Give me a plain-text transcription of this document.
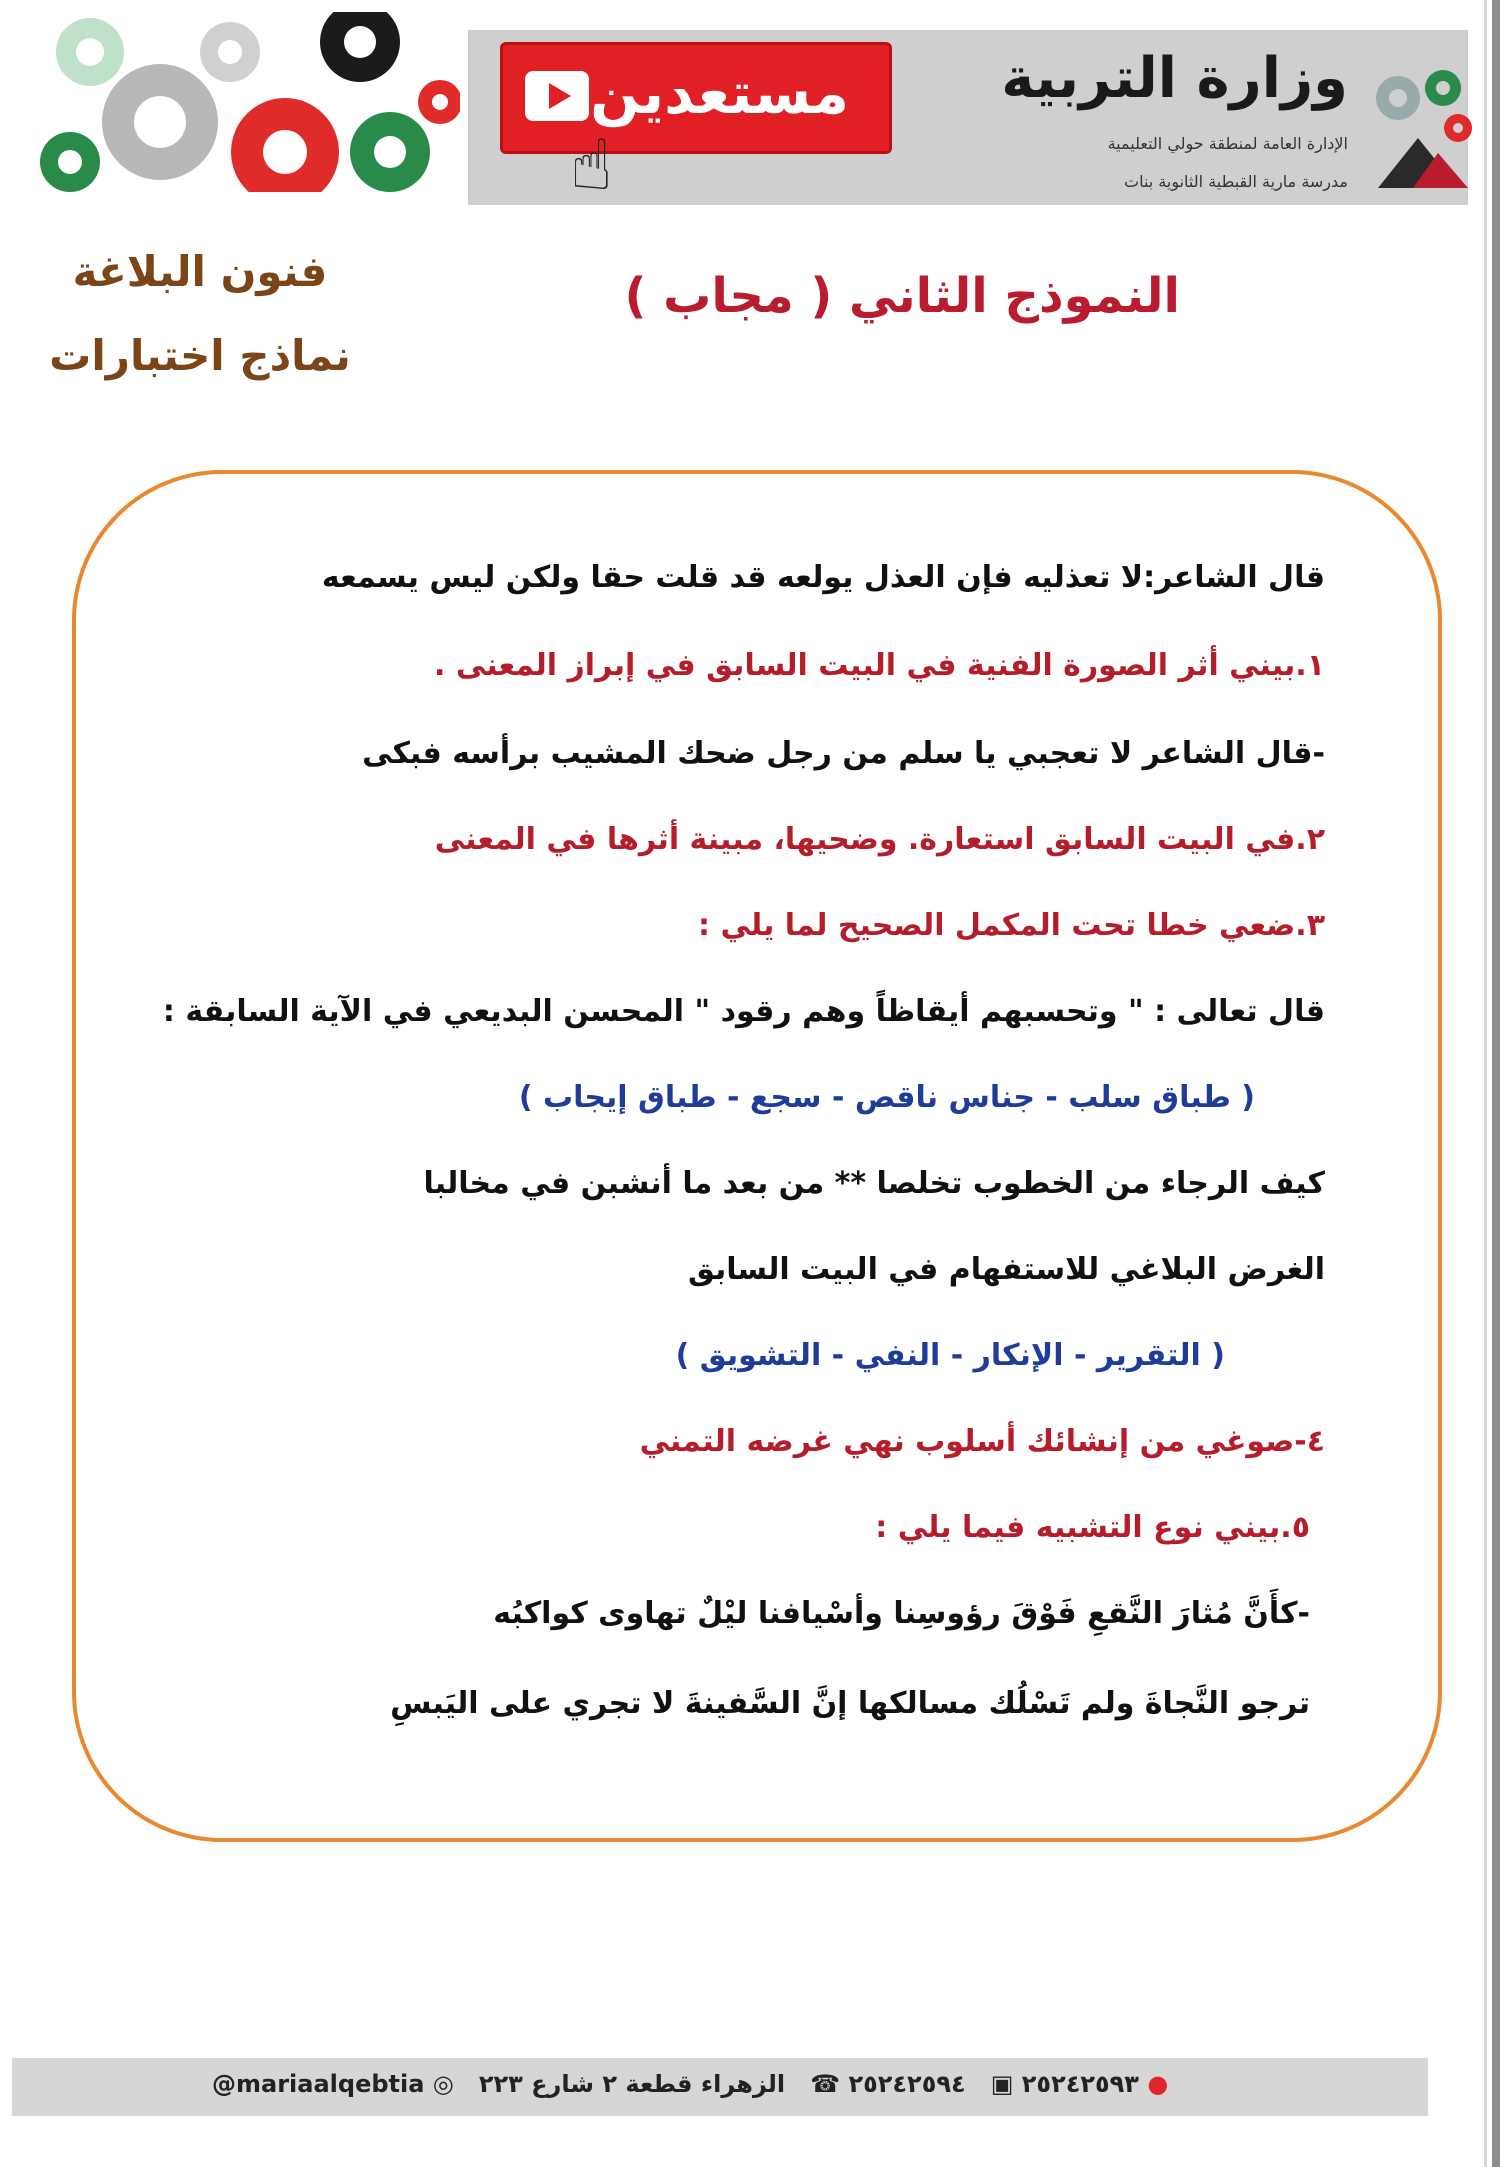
وزارة التربية
الإدارة العامة لمنطقة حولي التعليمية
مدرسة مارية القبطية الثانوية بنات
مستعدين
☝
فنون البلاغة
نماذج اختبارات
النموذج الثاني ( مجاب )
قال الشاعر:لا تعذليه فإن العذل يولعه قد قلت حقا ولكن ليس يسمعه
١.بيني أثر الصورة الفنية في البيت السابق في إبراز المعنى .
-قال الشاعر لا تعجبي يا سلم من رجل ضحك المشيب برأسه فبكى
٢.في البيت السابق استعارة. وضحيها، مبينة أثرها في المعنى
٣.ضعي خطا تحت المكمل الصحيح لما يلي :
قال تعالى : " وتحسبهم أيقاظاً وهم رقود " المحسن البديعي في الآية السابقة :
( طباق سلب - جناس ناقص - سجع - طباق إيجاب )
كيف الرجاء من الخطوب تخلصا ** من بعد ما أنشبن في مخالبا
الغرض البلاغي للاستفهام في البيت السابق
( التقرير - الإنكار - النفي - التشويق )
٤-صوغي من إنشائك أسلوب نهي غرضه التمني
٥.بيني نوع التشبيه فيما يلي :
-كأَنَّ مُثارَ النَّقعِ فَوْقَ رؤوسِنا وأسْيافنا ليْلٌ تهاوى كواكبُه
ترجو النَّجاةَ ولم تَسْلُك مسالكها إنَّ السَّفينةَ لا تجري على اليَبسِ
@mariaalqebtia ◎	٢٥٢٤٢٥٩٣ ▣   ٢٥٢٤٢٥٩٤ ☎   الزهراء قطعة ٢ شارع ٢٢٣	●
